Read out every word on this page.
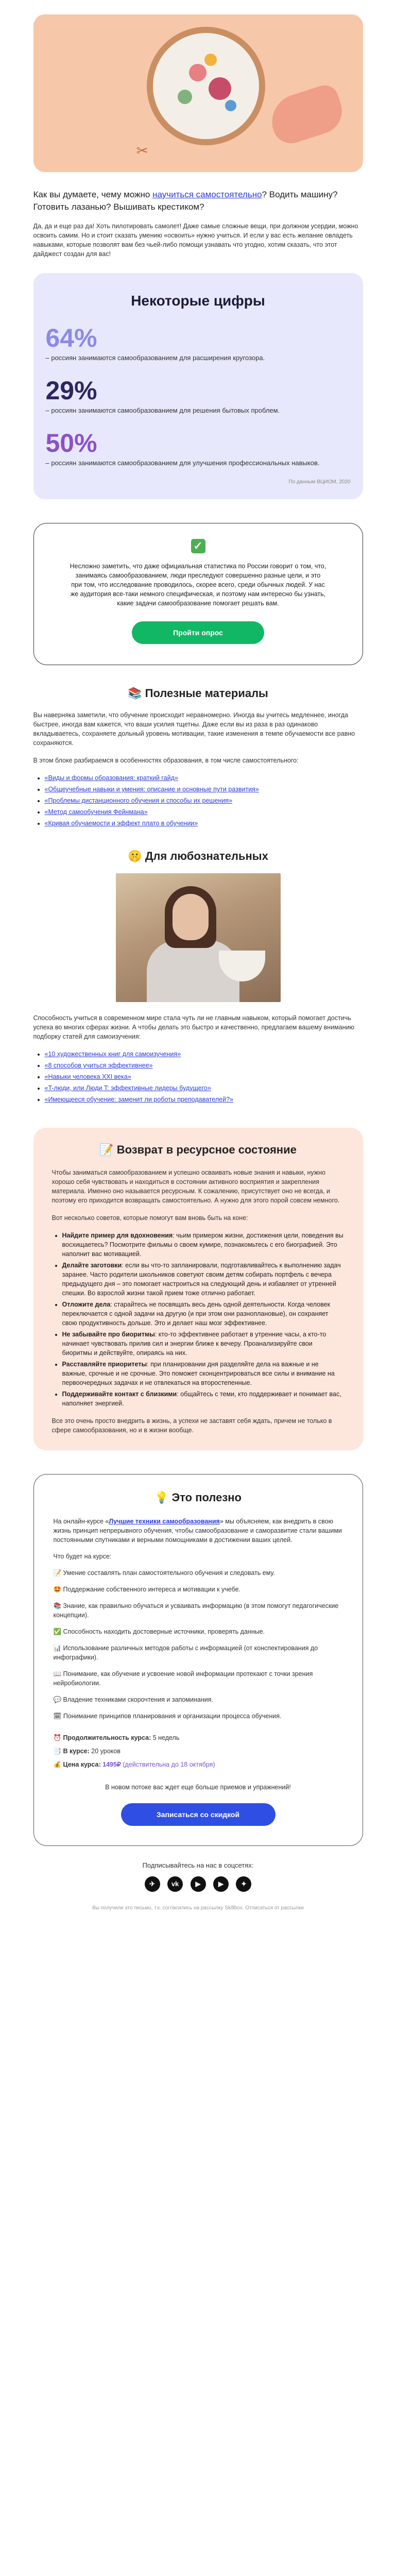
✂
Как вы думаете, чему можно научиться самостоятельно? Водить машину? Готовить лазанью? Вышивать крестиком?
Да, да и еще раз да! Хоть пилотировать самолет! Даже самые сложные вещи, при должном усердии, можно освоить самим. Но и стоит сказать умению «освоить» нужно учиться. И если у вас есть желание овладеть навыками, которые позволят вам без чьей-либо помощи узнавать что угодно, хотим сказать, что этот дайджест создан для вас!
Некоторые цифры
64%
– россиян занимаются самообразованием для расширения кругозора.
29%
– россиян занимаются самообразованием для решения бытовых проблем.
50%
– россиян занимаются самообразованием для улучшения профессиональных навыков.
По данным ВЦИОМ, 2020
✓

Несложно заметить, что даже официальная статистика по России говорит о том, что, занимаясь самообразованием, люди преследуют совершенно разные цели, и это при том, что исследование проводилось, скорее всего, среди обычных людей. У нас же аудитория все-таки немного специфическая, и поэтому нам интересно бы узнать, какие задачи самообразование помогает решать вам.

Пройти опрос
📚 Полезные материалы

Вы наверняка заметили, что обучение происходит неравномерно. Иногда вы учитесь медленнее, иногда быстрее, иногда вам кажется, что ваши усилия тщетны. Даже если вы из раза в раз одинаково вкладываетесь, сохраняете дольный уровень мотивации, такие изменения в темпе обучаемости все равно сохраняются.

В этом блоке разбираемся в особенностях образования, в том числе самостоятельного:

• «Виды и формы образования: краткий гайд»
• «Общеучебные навыки и умения: описание и основные пути развития»
• «Проблемы дистанционного обучения и способы их решения»
• «Метод самообучения Фейнмана»
• «Кривая обучаемости и эффект плато в обучении»
🤫 Для любознательных

Способность учиться в современном мире стала чуть ли не главным навыком, который помогает достичь успеха во многих сферах жизни. А чтобы делать это быстро и качественно, предлагаем вашему вниманию подборку статей для самоизучения:

• «10 художественных книг для самоизучения»
• «8 способов учиться эффективнее»
• «Навыки человека XXI века»
• «T-люди, или Люди T: эффективные лидеры будущего»
• «Имеющееся обучение: заменит ли роботы преподавателей?»
📝 Возврат в ресурсное состояние

Чтобы заниматься самообразованием и успешно осваивать новые знания и навыки, нужно хорошо себя чувствовать и находиться в состоянии активного восприятия и закрепления материала. Именно оно называется ресурсным. К сожалению, присутствует оно не всегда, и поэтому его приходится возвращать самостоятельно. А нужно для этого порой совсем немного.

Вот несколько советов, которые помогут вам вновь быть на коне:

• Найдите пример для вдохновения: чьим примером жизни, достижения цели, поведения вы восхищаетесь? Посмотрите фильмы о своем кумире, познакомьтесь с его биографией. Это наполнит вас мотивацией.
• Делайте заготовки: если вы что-то запланировали, подготавливайтесь к выполнению задач заранее. Часто родители школьников советуют своим детям собирать портфель с вечера предыдущего дня – это помогает настроиться на следующий день и избавляет от утренней спешки. Во взрослой жизни такой прием тоже отлично работает.
• Отложите дела: старайтесь не посвящать весь день одной деятельности. Когда человек переключается с одной задачи на другую (и при этом они разноплановые), он сохраняет свою продуктивность дольше. Это и делает наш мозг эффективнее.
• Не забывайте про биоритмы: кто-то эффективнее работает в утренние часы, а кто-то начинает чувствовать прилив сил и энергии ближе к вечеру. Проанализируйте свои биоритмы и действуйте, опираясь на них.
• Расставляйте приоритеты: при планировании дня разделяйте дела на важные и не важные, срочные и не срочные. Это поможет сконцентрироваться все силы и внимание на первоочередных задачах и не отвлекаться на второстепенные.
• Поддерживайте контакт с близкими: общайтесь с теми, кто поддерживает и понимает вас, наполняет энергией.

Все это очень просто внедрить в жизнь, а успехи не заставят себя ждать, причем не только в сфере самообразования, но и в жизни вообще.

💡 Это полезно
На онлайн-курсе «Лучшие техники самообразования» мы объясняем, как внедрить в свою жизнь принцип непрерывного обучения, чтобы самообразование и саморазвитие стали вашими постоянными спутниками и верными помощниками в достижении ваших целей.
Что будет на курсе:
📝 Умение составлять план самостоятельного обучения и следовать ему.
🤩 Поддержание собственного интереса и мотивации к учебе.
📚 Знание, как правильно обучаться и усваивать информацию (в этом помогут педагогические концепции).
✅ Способность находить достоверные источники, проверять данные.
📊 Использование различных методов работы с информацией (от конспектирования до инфографики).
📖 Понимание, как обучение и усвоение новой информации протекают с точки зрения нейробиологии.
💬 Владение техниками скорочтения и запоминания.
🗓 Понимание принципов планирования и организации процесса обучения.
⏰ Продолжительность курса: 5 недель
📑 В курсе: 20 уроков
💰 Цена курса: 1495₽ (действительна до 18 октября)
В новом потоке вас ждет еще больше приемов и упражнений!
Записаться со скидкой
Подписывайтесь на нас в соцсетях:
✈ vk ▶	▶	✦
Вы получили это письмо, т.к. согласились на рассылку Skillbox. Отписаться от рассылки
